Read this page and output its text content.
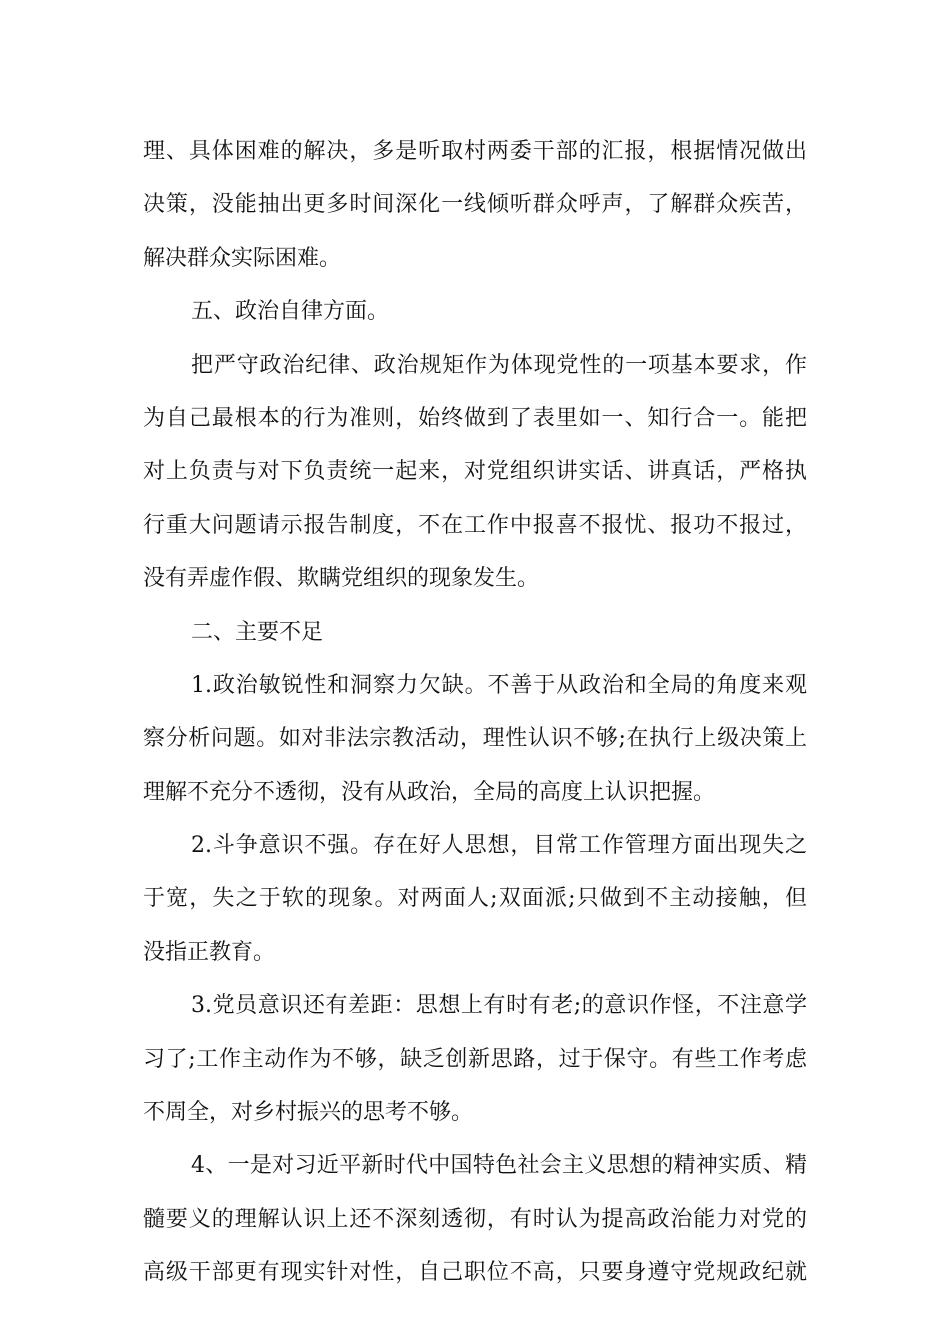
理、具体困难的解决，多是听取村两委干部的汇报，根据情况做出
决策，没能抽出更多时间深化一线倾听群众呼声，了解群众疾苦，
解决群众实际困难。
五、政治自律方面。
把严守政治纪律、政治规矩作为体现党性的一项基本要求，作
为自己最根本的行为准则，始终做到了表里如一、知行合一。能把
对上负责与对下负责统一起来，对党组织讲实话、讲真话，严格执
行重大问题请示报告制度，不在工作中报喜不报忧、报功不报过，
没有弄虚作假、欺瞒党组织的现象发生。
二、主要不足
1.政治敏锐性和洞察力欠缺。不善于从政治和全局的角度来观
察分析问题。如对非法宗教活动，理性认识不够;在执行上级决策上
理解不充分不透彻，没有从政治，全局的高度上认识把握。
2.斗争意识不强。存在好人思想，目常工作管理方面出现失之
于宽，失之于软的现象。对两面人;双面派;只做到不主动接触，但
没指正教育。
3.党员意识还有差距：思想上有时有老;的意识作怪，不注意学
习了;工作主动作为不够，缺乏创新思路，过于保守。有些工作考虑
不周全，对乡村振兴的思考不够。
4、一是对习近平新时代中国特色社会主义思想的精神实质、精
髓要义的理解认识上还不深刻透彻，有时认为提高政治能力对党的
高级干部更有现实针对性，自己职位不高，只要身遵守党规政纪就
